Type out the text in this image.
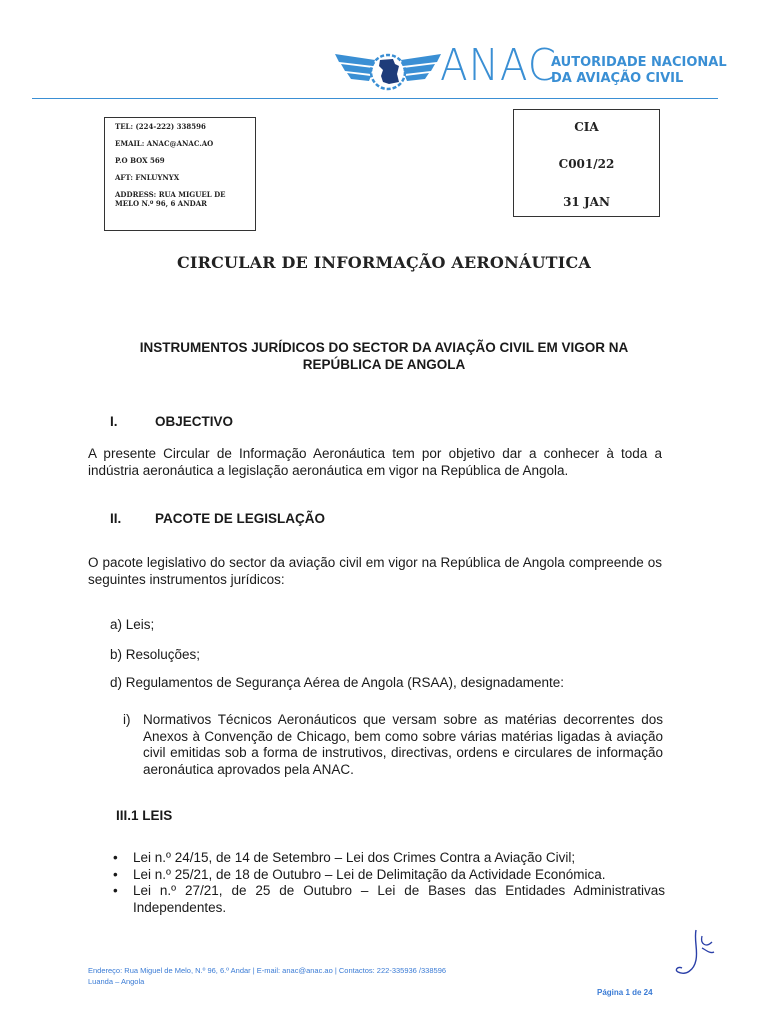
ANAC
AUTORIDADE NACIONAL
DA AVIAÇÃO CIVIL
TEL: (224-222) 338596
EMAIL: ANAC@ANAC.AO
P.O BOX 569
AFT: FNLUYNYX
ADDRESS: RUA MIGUEL DE
MELO N.º 96, 6 ANDAR
CIA
C001/22
31 JAN
CIRCULAR DE INFORMAÇÃO AERONÁUTICA
INSTRUMENTOS JURÍDICOS DO SECTOR DA AVIAÇÃO CIVIL EM VIGOR NA REPÚBLICA DE ANGOLA
I.	OBJECTIVO
A presente Circular de Informação Aeronáutica tem por objetivo dar a conhecer à toda a indústria aeronáutica a legislação aeronáutica em vigor na República de Angola.
II. PACOTE DE LEGISLAÇÃO
O pacote legislativo do sector da aviação civil em vigor na República de Angola compreende os seguintes instrumentos jurídicos:
a) Leis;
b) Resoluções;
d) Regulamentos de Segurança Aérea de Angola (RSAA), designadamente:
i) Normativos Técnicos Aeronáuticos que versam sobre as matérias decorrentes dos Anexos à Convenção de Chicago, bem como sobre várias matérias ligadas à aviação civil emitidas sob a forma de instrutivos, directivas, ordens e circulares de informação aeronáutica aprovados pela ANAC.
III.1 LEIS
• Lei n.º 24/15, de 14 de Setembro – Lei dos Crimes Contra a Aviação Civil;
• Lei n.º 25/21, de 18 de Outubro – Lei de Delimitação da Actividade Económica.
• Lei n.º 27/21, de 25 de Outubro – Lei de Bases das Entidades Administrativas Independentes.
Endereço: Rua Miguel de Melo, N.º 96, 6.º Andar | E-mail: anac@anac.ao | Contactos: 222-335936 /338596
Luanda – Angola
Página 1 de 24
